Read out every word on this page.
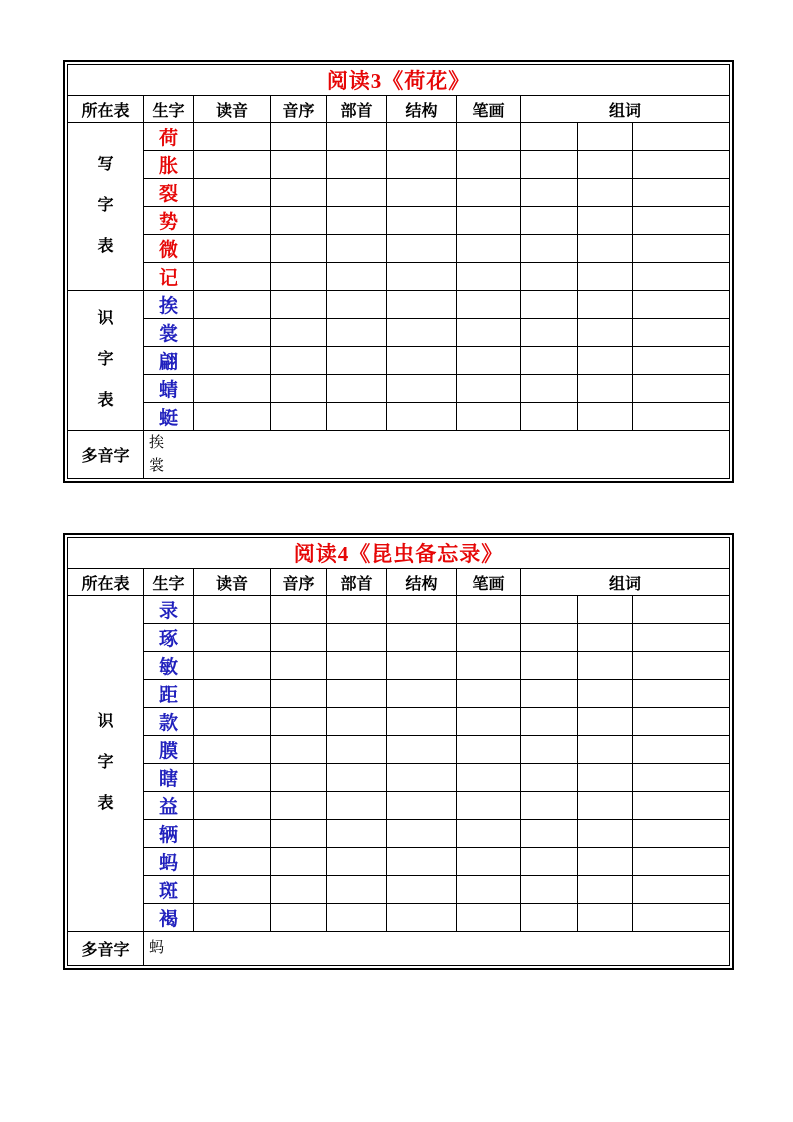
阅读3《荷花》									
所在表	生字	读音	音序	部首	结构	笔画	组词		
写字表	荷								
	胀								
	裂								
	势								
	微								
	记								
识字表	挨								
	裳								
	翩								
	蜻								
	蜓								
多音字	挨
裳								
阅读4《昆虫备忘录》									
所在表	生字	读音	音序	部首	结构	笔画	组词		
识字表	录								
	琢								
	敏								
	距								
	款								
	膜								
	瞎								
	益								
	辆								
	蚂								
	斑								
	褐								
多音字	蚂								
